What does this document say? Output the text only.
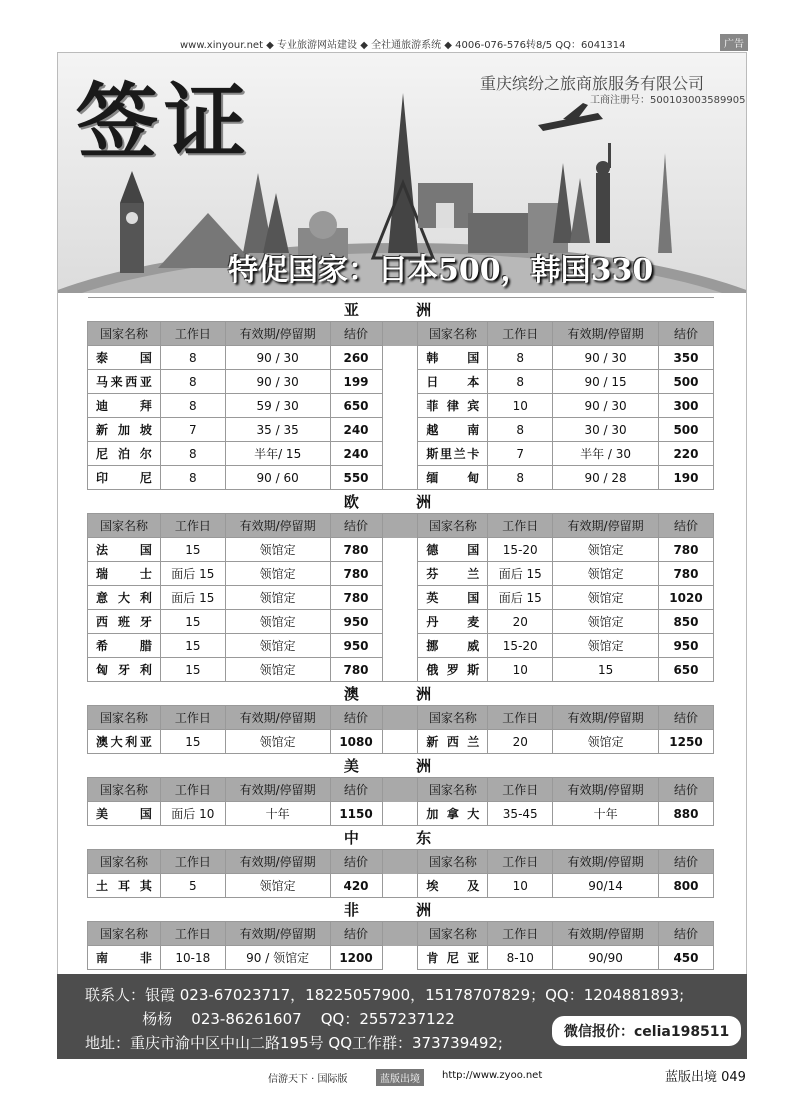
www.xinyour.net ◆ 专业旅游网站建设 ◆ 全社通旅游系统 ◆ 4006-076-576转8/5 QQ：6041314	广告
签证	重庆缤纷之旅商旅服务有限公司
工商注册号：500103003589905
特促国家：日本500，韩国330
亚 洲								
国家名称	工作日	有效期/停留期	结价		国家名称	工作日	有效期/停留期	结价
泰国	8	90 / 30	260		韩国	8	90 / 30	350
马来西亚	8	90 / 30	199		日本	8	90 / 15	500
迪拜	8	59 / 30	650		菲律宾	10	90 / 30	300
新加坡	7	35 / 35	240		越南	8	30 / 30	500
尼泊尔	8	半年/ 15	240		斯里兰卡	7	半年 / 30	220
印尼	8	90 / 60	550		缅甸	8	90 / 28	190
欧 洲								
国家名称	工作日	有效期/停留期	结价		国家名称	工作日	有效期/停留期	结价
法国	15	领馆定	780		德国	15-20	领馆定	780
瑞士	面后 15	领馆定	780		芬兰	面后 15	领馆定	780
意大利	面后 15	领馆定	780		英国	面后 15	领馆定	1020
西班牙	15	领馆定	950		丹麦	20	领馆定	850
希腊	15	领馆定	950		挪威	15-20	领馆定	950
匈牙利	15	领馆定	780		俄罗斯	10	15	650
澳 洲								
国家名称	工作日	有效期/停留期	结价		国家名称	工作日	有效期/停留期	结价
澳大利亚	15	领馆定	1080		新西兰	20	领馆定	1250
美 洲								
国家名称	工作日	有效期/停留期	结价		国家名称	工作日	有效期/停留期	结价
美国	面后 10	十年	1150		加拿大	35-45	十年	880
中 东								
国家名称	工作日	有效期/停留期	结价		国家名称	工作日	有效期/停留期	结价
土耳其	5	领馆定	420		埃及	10	90/14	800
非 洲								
国家名称	工作日	有效期/停留期	结价		国家名称	工作日	有效期/停留期	结价
南非	10-18	90 / 领馆定	1200		肯尼亚	8-10	90/90	450
联系人：银霞 023-67023717，18225057900，15178707829；QQ：1204881893;
杨杨    023-86261607    QQ：2557237122
地址：重庆市渝中区中山二路195号 QQ工作群：373739492;
微信报价：celia198511
信游天下 · 国际版	蓝版出境	http://www.zyoo.net	蓝版出境 049
